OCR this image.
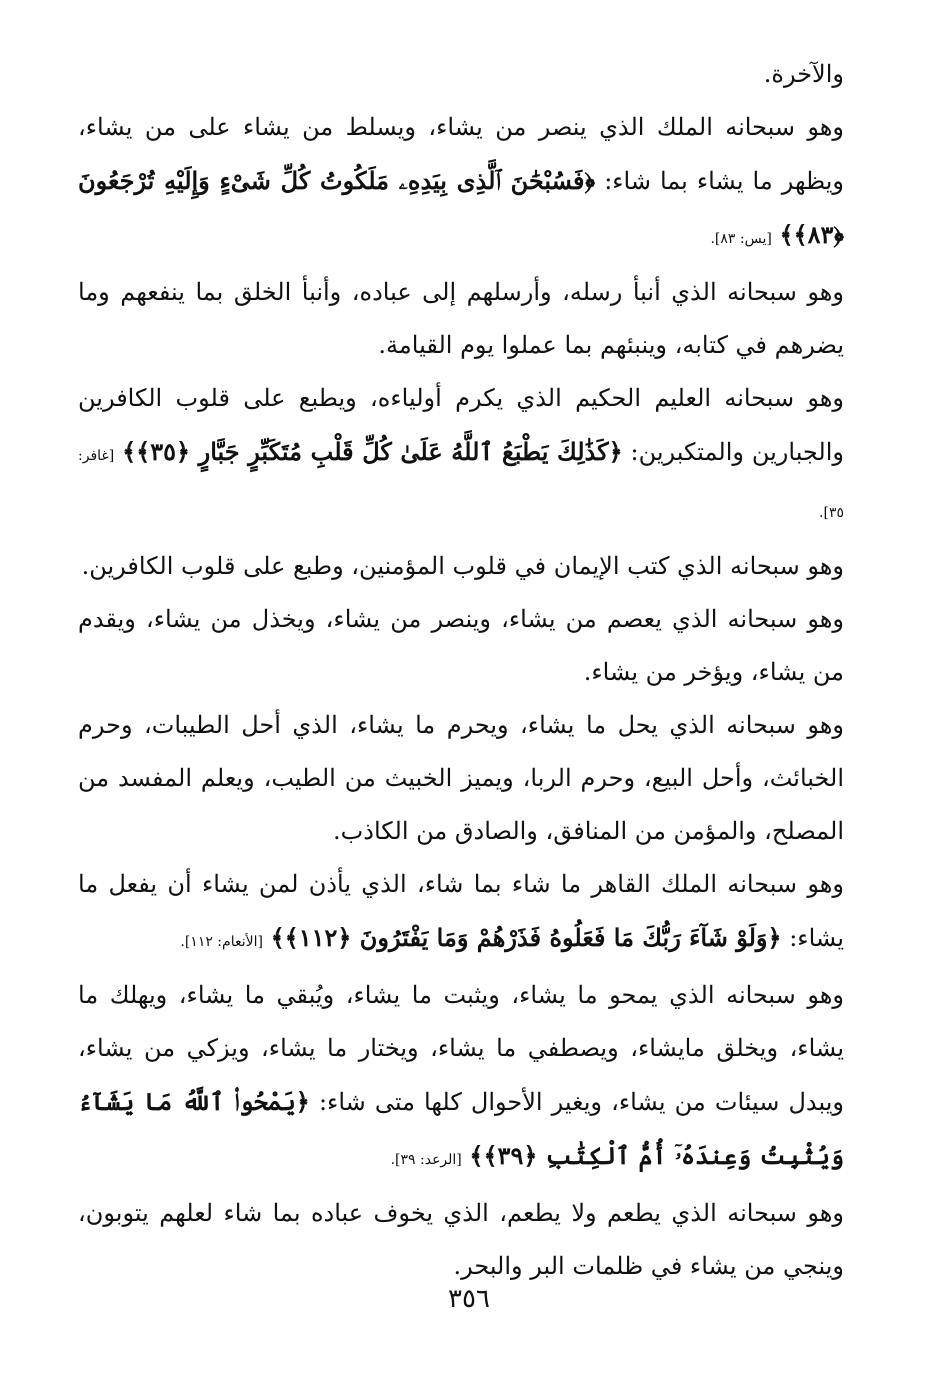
والآخرة.

وهو سبحانه الملك الذي ينصر من يشاء، ويسلط من يشاء على من يشاء، ويظهر ما يشاء بما شاء: ﴿فَسُبْحَٰنَ ٱلَّذِى بِيَدِهِۦ مَلَكُوتُ كُلِّ شَىْءٍ وَإِلَيْهِ تُرْجَعُونَ ﴿٨٣﴾﴾ [يس: ٨٣].

وهو سبحانه الذي أنبأ رسله، وأرسلهم إلى عباده، وأنبأ الخلق بما ينفعهم وما يضرهم في كتابه، وينبئهم بما عملوا يوم القيامة.

وهو سبحانه العليم الحكيم الذي يكرم أولياءه، ويطبع على قلوب الكافرين والجبارين والمتكبرين: ﴿كَذَٰلِكَ يَطْبَعُ ٱللَّهُ عَلَىٰ كُلِّ قَلْبِ مُتَكَبِّرٍ جَبَّارٍ ﴿٣٥﴾﴾ [غافر: ٣٥].

وهو سبحانه الذي كتب الإيمان في قلوب المؤمنين، وطبع على قلوب الكافرين.

وهو سبحانه الذي يعصم من يشاء، وينصر من يشاء، ويخذل من يشاء، ويقدم من يشاء، ويؤخر من يشاء.

وهو سبحانه الذي يحل ما يشاء، ويحرم ما يشاء، الذي أحل الطيبات، وحرم الخبائث، وأحل البيع، وحرم الربا، ويميز الخبيث من الطيب، ويعلم المفسد من المصلح، والمؤمن من المنافق، والصادق من الكاذب.

وهو سبحانه الملك القاهر ما شاء بما شاء، الذي يأذن لمن يشاء أن يفعل ما يشاء: ﴿وَلَوْ شَآءَ رَبُّكَ مَا فَعَلُوهُ فَذَرْهُمْ وَمَا يَفْتَرُونَ ﴿١١٢﴾﴾ [الأنعام: ١١٢].

وهو سبحانه الذي يمحو ما يشاء، ويثبت ما يشاء، ويُبقي ما يشاء، ويهلك ما يشاء، ويخلق مايشاء، ويصطفي ما يشاء، ويختار ما يشاء، ويزكي من يشاء، ويبدل سيئات من يشاء، ويغير الأحوال كلها متى شاء: ﴿يَمْحُوا۟ ٱللَّهُ مَا يَشَآءُ وَيُثْبِتُ وَعِندَهُۥٓ أُمُّ ٱلْكِتَٰبِ ﴿٣٩﴾﴾ [الرعد: ٣٩].

وهو سبحانه الذي يطعم ولا يطعم، الذي يخوف عباده بما شاء لعلهم يتوبون، وينجي من يشاء في ظلمات البر والبحر.

٣٥٦
